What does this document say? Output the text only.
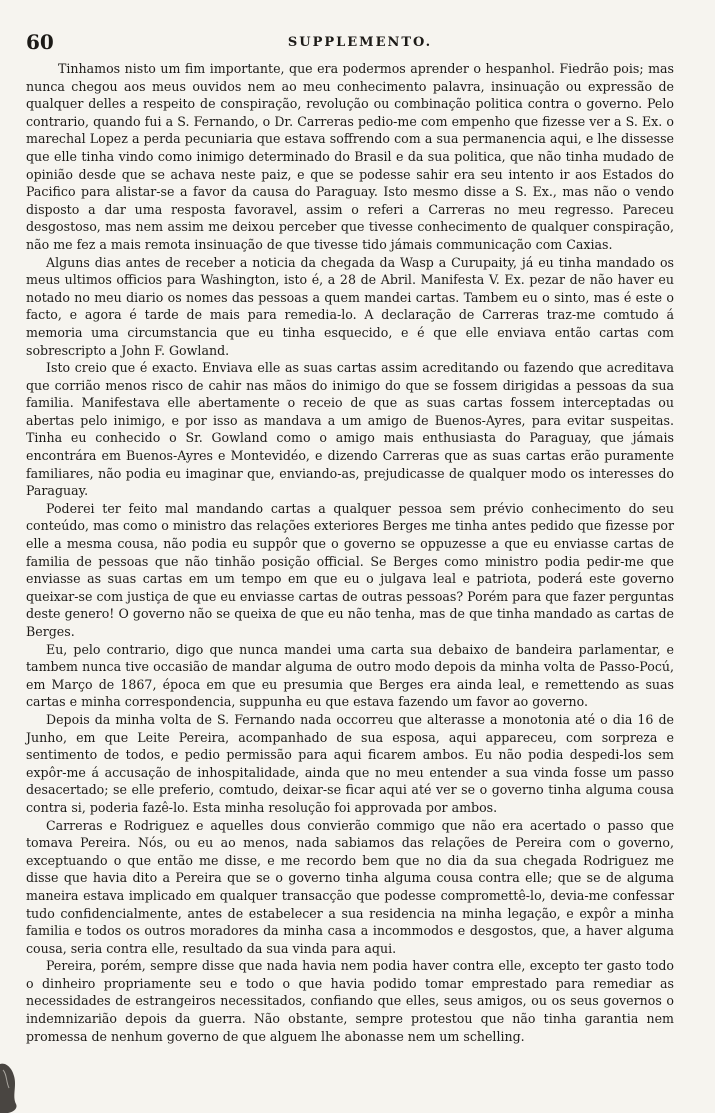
60	SUPPLEMENTO.

Tinhamos nisto um fim importante, que era podermos aprender o hespanhol. Fiedrão pois; mas nunca chegou aos meus ouvidos nem ao meu conhecimento palavra, insinuação ou expressão de qualquer delles a respeito de conspiração, revolução ou combinação politica contra o governo. Pelo contrario, quando fui a S. Fernando, o Dr. Carreras pedio-me com empenho que fizesse ver a S. Ex. o marechal Lopez a perda pecuniaria que estava soffrendo com a sua permanencia aqui, e lhe dissesse que elle tinha vindo como inimigo determinado do Brasil e da sua politica, que não tinha mudado de opinião desde que se achava neste paiz, e que se podesse sahir era seu intento ir aos Estados do Pacifico para alistar-se a favor da causa do Paraguay. Isto mesmo disse a S. Ex., mas não o vendo disposto a dar uma resposta favoravel, assim o referi a Carreras no meu regresso. Pareceu desgostoso, mas nem assim me deixou perceber que tivesse conhecimento de qualquer conspiração, não me fez a mais remota insinuação de que tivesse tido jámais communicação com Caxias.

Alguns dias antes de receber a noticia da chegada da Wasp a Curupaity, já eu tinha mandado os meus ultimos officios para Washington, isto é, a 28 de Abril. Manifesta V. Ex. pezar de não haver eu notado no meu diario os nomes das pessoas a quem mandei cartas. Tambem eu o sinto, mas é este o facto, e agora é tarde de mais para remedia-lo. A declaração de Carreras traz-me comtudo á memoria uma circumstancia que eu tinha esquecido, e é que elle enviava então cartas com sobrescripto a John F. Gowland.

Isto creio que é exacto. Enviava elle as suas cartas assim acreditando ou fazendo que acreditava que corrião menos risco de cahir nas mãos do inimigo do que se fossem dirigidas a pessoas da sua familia. Manifestava elle abertamente o receio de que as suas cartas fossem interceptadas ou abertas pelo inimigo, e por isso as mandava a um amigo de Buenos-Ayres, para evitar suspeitas. Tinha eu conhecido o Sr. Gowland como o amigo mais enthusiasta do Paraguay, que jámais encontrára em Buenos-Ayres e Montevidéo, e dizendo Carreras que as suas cartas erão puramente familiares, não podia eu imaginar que, enviando-as, prejudicasse de qualquer modo os interesses do Paraguay.

Poderei ter feito mal mandando cartas a qualquer pessoa sem prévio conhecimento do seu conteúdo, mas como o ministro das relações exteriores Berges me tinha antes pedido que fizesse por elle a mesma cousa, não podia eu suppôr que o governo se oppuzesse a que eu enviasse cartas de familia de pessoas que não tinhão posição official. Se Berges como ministro podia pedir-me que enviasse as suas cartas em um tempo em que eu o julgava leal e patriota, poderá este governo queixar-se com justiça de que eu enviasse cartas de outras pessoas? Porém para que fazer perguntas deste genero! O governo não se queixa de que eu não tenha, mas de que tinha mandado as cartas de Berges.

Eu, pelo contrario, digo que nunca mandei uma carta sua debaixo de bandeira parlamentar, e tambem nunca tive occasião de mandar alguma de outro modo depois da minha volta de Passo-Pocú, em Março de 1867, época em que eu presumia que Berges era ainda leal, e remettendo as suas cartas e minha correspondencia, suppunha eu que estava fazendo um favor ao governo.

Depois da minha volta de S. Fernando nada occorreu que alterasse a monotonia até o dia 16 de Junho, em que Leite Pereira, acompanhado de sua esposa, aqui appareceu, com sorpreza e sentimento de todos, e pedio permissão para aqui ficarem ambos. Eu não podia despedi-los sem expôr-me á accusação de inhospitalidade, ainda que no meu entender a sua vinda fosse um passo desacertado; se elle preferio, comtudo, deixar-se ficar aqui até ver se o governo tinha alguma cousa contra si, poderia fazê-lo. Esta minha resolução foi approvada por ambos.

Carreras e Rodriguez e aquelles dous convierão commigo que não era acertado o passo que tomava Pereira. Nós, ou eu ao menos, nada sabiamos das relações de Pereira com o governo, exceptuando o que então me disse, e me recordo bem que no dia da sua chegada Rodriguez me disse que havia dito a Pereira que se o governo tinha alguma cousa contra elle; que se de alguma maneira estava implicado em qualquer transacção que podesse compromettê-lo, devia-me confessar tudo confidencialmente, antes de estabelecer a sua residencia na minha legação, e expôr a minha familia e todos os outros moradores da minha casa a incommodos e desgostos, que, a haver alguma cousa, seria contra elle, resultado da sua vinda para aqui.

Pereira, porém, sempre disse que nada havia nem podia haver contra elle, excepto ter gasto todo o dinheiro propriamente seu e todo o que havia podido tomar emprestado para remediar as necessidades de estrangeiros necessitados, confiando que elles, seus amigos, ou os seus governos o indemnizarião depois da guerra. Não obstante, sempre protestou que não tinha garantia nem promessa de nenhum governo de que alguem lhe abonasse nem um schelling.
